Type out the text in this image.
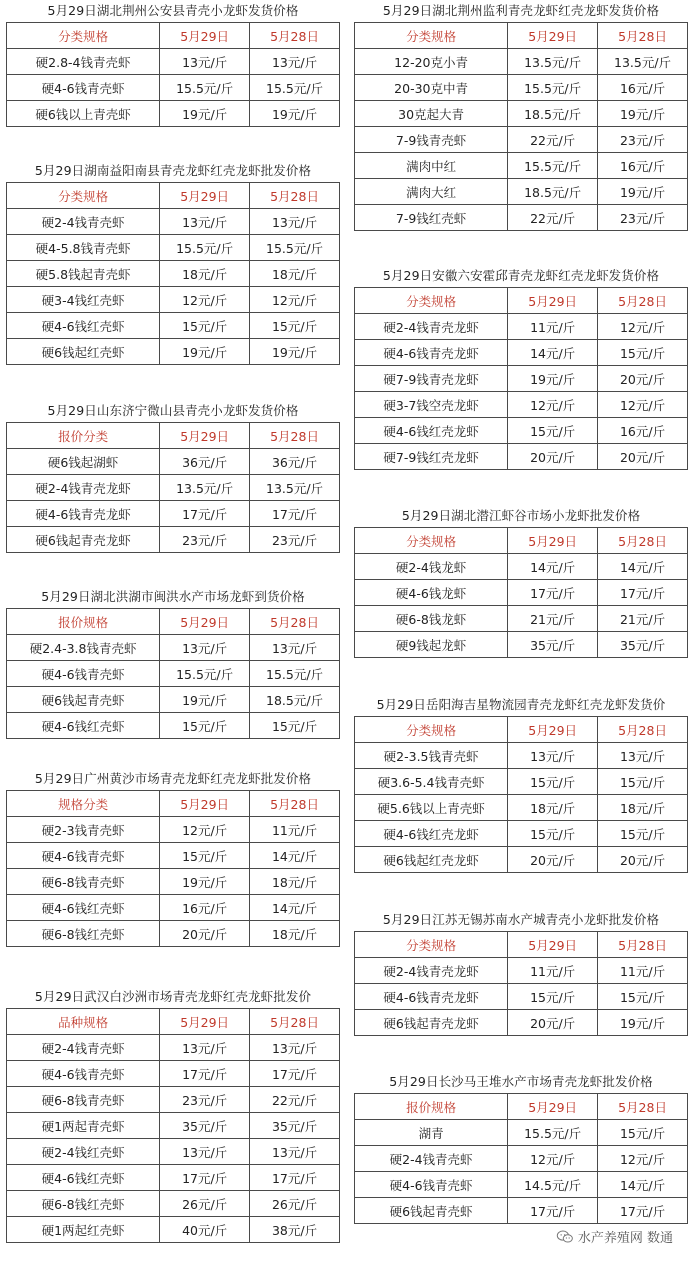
5月29日湖北荆州公安县青壳小龙虾发货价格
分类规格	5月29日	5月28日
硬2.8-4钱青壳虾	13元/斤	13元/斤
硬4-6钱青壳虾	15.5元/斤	15.5元/斤
硬6钱以上青壳虾	19元/斤	19元/斤
5月29日湖南益阳南县青壳龙虾红壳龙虾批发价格
分类规格	5月29日	5月28日
硬2-4钱青壳虾	13元/斤	13元/斤
硬4-5.8钱青壳虾	15.5元/斤	15.5元/斤
硬5.8钱起青壳虾	18元/斤	18元/斤
硬3-4钱红壳虾	12元/斤	12元/斤
硬4-6钱红壳虾	15元/斤	15元/斤
硬6钱起红壳虾	19元/斤	19元/斤
5月29日山东济宁微山县青壳小龙虾发货价格
报价分类	5月29日	5月28日
硬6钱起湖虾	36元/斤	36元/斤
硬2-4钱青壳龙虾	13.5元/斤	13.5元/斤
硬4-6钱青壳龙虾	17元/斤	17元/斤
硬6钱起青壳龙虾	23元/斤	23元/斤
5月29日湖北洪湖市闽洪水产市场龙虾到货价格
报价规格	5月29日	5月28日
硬2.4-3.8钱青壳虾	13元/斤	13元/斤
硬4-6钱青壳虾	15.5元/斤	15.5元/斤
硬6钱起青壳虾	19元/斤	18.5元/斤
硬4-6钱红壳虾	15元/斤	15元/斤
5月29日广州黄沙市场青壳龙虾红壳龙虾批发价格
规格分类	5月29日	5月28日
硬2-3钱青壳虾	12元/斤	11元/斤
硬4-6钱青壳虾	15元/斤	14元/斤
硬6-8钱青壳虾	19元/斤	18元/斤
硬4-6钱红壳虾	16元/斤	14元/斤
硬6-8钱红壳虾	20元/斤	18元/斤
5月29日武汉白沙洲市场青壳龙虾红壳龙虾批发价
品种规格	5月29日	5月28日
硬2-4钱青壳虾	13元/斤	13元/斤
硬4-6钱青壳虾	17元/斤	17元/斤
硬6-8钱青壳虾	23元/斤	22元/斤
硬1两起青壳虾	35元/斤	35元/斤
硬2-4钱红壳虾	13元/斤	13元/斤
硬4-6钱红壳虾	17元/斤	17元/斤
硬6-8钱红壳虾	26元/斤	26元/斤
硬1两起红壳虾	40元/斤	38元/斤
5月29日湖北荆州监利青壳龙虾红壳龙虾发货价格
分类规格	5月29日	5月28日
12-20克小青	13.5元/斤	13.5元/斤
20-30克中青	15.5元/斤	16元/斤
30克起大青	18.5元/斤	19元/斤
7-9钱青壳虾	22元/斤	23元/斤
满肉中红	15.5元/斤	16元/斤
满肉大红	18.5元/斤	19元/斤
7-9钱红壳虾	22元/斤	23元/斤
5月29日安徽六安霍邱青壳龙虾红壳龙虾发货价格
分类规格	5月29日	5月28日
硬2-4钱青壳龙虾	11元/斤	12元/斤
硬4-6钱青壳龙虾	14元/斤	15元/斤
硬7-9钱青壳龙虾	19元/斤	20元/斤
硬3-7钱空壳龙虾	12元/斤	12元/斤
硬4-6钱红壳龙虾	15元/斤	16元/斤
硬7-9钱红壳龙虾	20元/斤	20元/斤
5月29日湖北潜江虾谷市场小龙虾批发价格
分类规格	5月29日	5月28日
硬2-4钱龙虾	14元/斤	14元/斤
硬4-6钱龙虾	17元/斤	17元/斤
硬6-8钱龙虾	21元/斤	21元/斤
硬9钱起龙虾	35元/斤	35元/斤
5月29日岳阳海吉星物流园青壳龙虾红壳龙虾发货价
分类规格	5月29日	5月28日
硬2-3.5钱青壳虾	13元/斤	13元/斤
硬3.6-5.4钱青壳虾	15元/斤	15元/斤
硬5.6钱以上青壳虾	18元/斤	18元/斤
硬4-6钱红壳龙虾	15元/斤	15元/斤
硬6钱起红壳龙虾	20元/斤	20元/斤
5月29日江苏无锡苏南水产城青壳小龙虾批发价格
分类规格	5月29日	5月28日
硬2-4钱青壳龙虾	11元/斤	11元/斤
硬4-6钱青壳龙虾	15元/斤	15元/斤
硬6钱起青壳龙虾	20元/斤	19元/斤
5月29日长沙马王堆水产市场青壳龙虾批发价格
报价规格	5月29日	5月28日
湖青	15.5元/斤	15元/斤
硬2-4钱青壳虾	12元/斤	12元/斤
硬4-6钱青壳虾	14.5元/斤	14元/斤
硬6钱起青壳虾	17元/斤	17元/斤
水产养殖网 数通
